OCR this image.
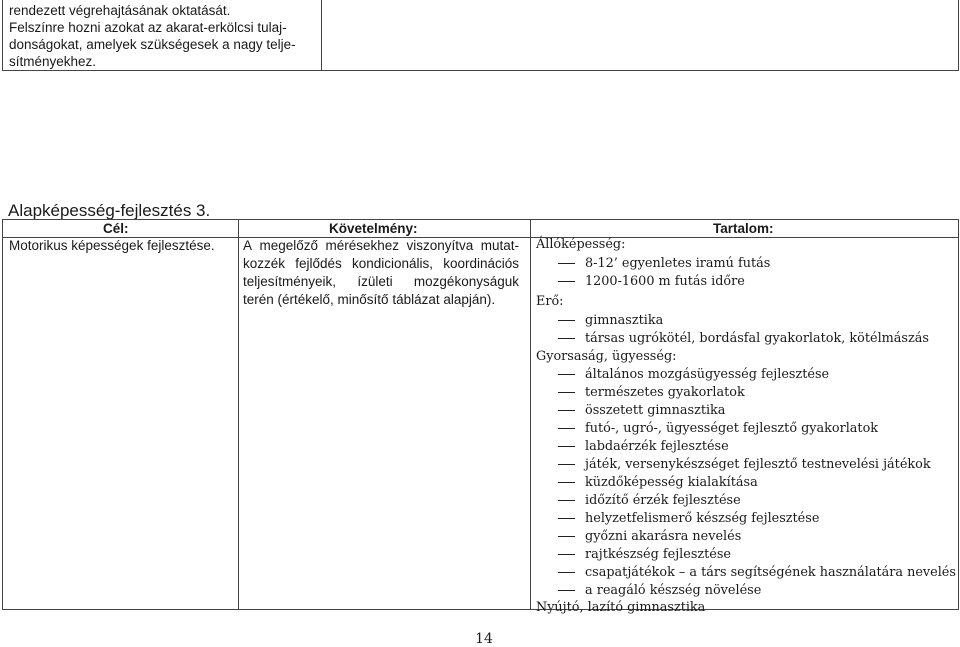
rendezett végrehajtásának oktatását.
Felszínre hozni azokat az akarat-erkölcsi tulaj-
donságokat, amelyek szükségesek a nagy telje-
sítményekhez.
Alapképesség-fejlesztés 3.
Cél:	Követelmény:	Tartalom:
Motorikus képességek fejlesztése. A megelőző mérésekhez viszonyítva mutat-
kozzék fejlődés kondicionális, koordinációs
teljesítményeik, ízületi mozgékonyságuk
terén (értékelő, minősítő táblázat alapján).
Állóképesség:
8-12’ egyenletes iramú futás
1200-1600 m futás időre
Erő:
gimnasztika
társas ugrókötél, bordásfal gyakorlatok, kötélmászás
Gyorsaság, ügyesség:
általános mozgásügyesség fejlesztése
természetes gyakorlatok
összetett gimnasztika
futó-, ugró-, ügyességet fejlesztő gyakorlatok
labdaérzék fejlesztése
játék, versenykészséget fejlesztő testnevelési játékok
küzdőképesség kialakítása
időzítő érzék fejlesztése
helyzetfelismerő készség fejlesztése
győzni akarásra nevelés
rajtkészség fejlesztése
csapatjátékok – a társ segítségének használatára nevelés
a reagáló készség növelése
Nyújtó, lazító gimnasztika
14
